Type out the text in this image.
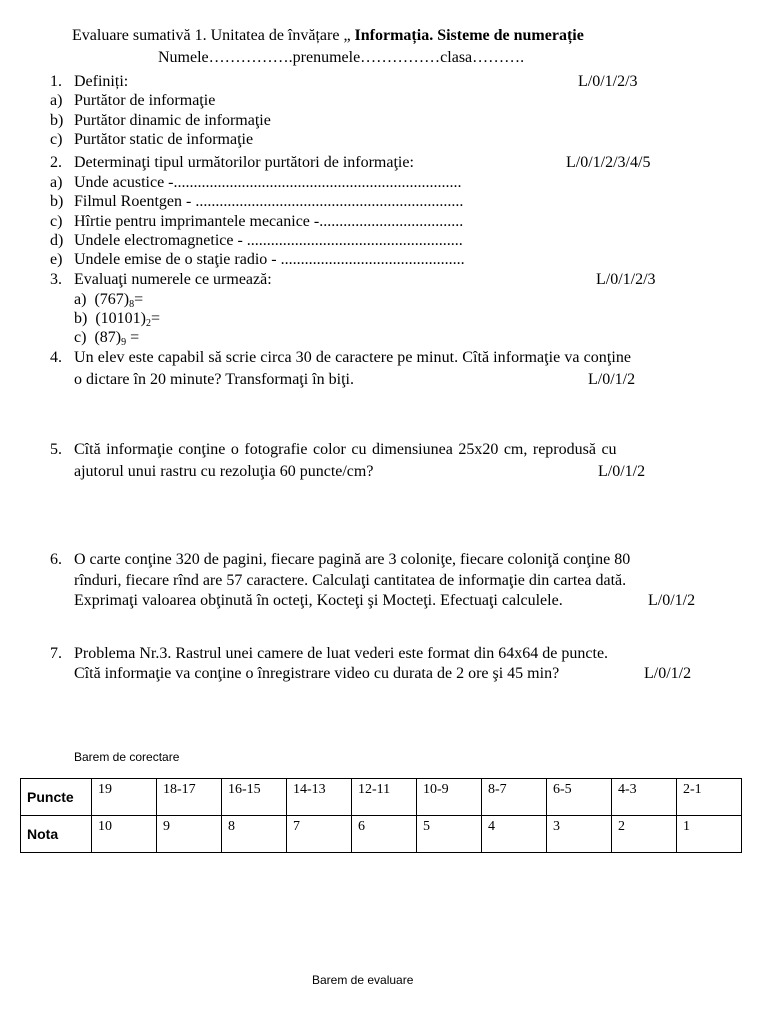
Evaluare sumativă 1. Unitatea de învățare „ Informația. Sisteme de numerație
Numele…………….prenumele……………clasa……….
1. Definiți:	L/0/1/2/3
a) Purtător de informaţie
b) Purtător dinamic de informaţie
c) Purtător static de informaţie
2. Determinaţi tipul următorilor purtători de informaţie:	L/0/1/2/3/4/5
a) Unde acustice -........................................................................
b) Filmul Roentgen - ...................................................................
c) Hîrtie pentru imprimantele mecanice -....................................
d) Undele electromagnetice - ......................................................
e) Undele emise de o staţie radio - ..............................................
3. Evaluaţi numerele ce urmează:	L/0/1/2/3
a) $(767)_8=$
b) $(10101)_2=$
c) $(87)_9$ =
4. Un elev este capabil să scrie circa 30 de caractere pe minut. Cîtă informaţie va conţine
o dictare în 20 minute? Transformaţi în biţi.	L/0/1/2
5. Cîtă informaţie conţine o fotografie color cu dimensiunea 25x20 cm, reprodusă cu
ajutorul unui rastru cu rezoluţia 60 puncte/cm?	L/0/1/2
6. O carte conţine 320 de pagini, fiecare pagină are 3 coloniţe, fiecare coloniţă conţine 80
rînduri, fiecare rînd are 57 caractere. Calculaţi cantitatea de informaţie din cartea dată.
Exprimaţi valoarea obţinută în octeţi, Kocteţi şi Mocteţi. Efectuaţi calculele.	L/0/1/2
7. Problema Nr.3. Rastrul unei camere de luat vederi este format din 64x64 de puncte.
Cîtă informaţie va conţine o înregistrare video cu durata de 2 ore şi 45 min?	L/0/1/2
Barem de corectare
Puncte	19	18-17	16-15	14-13	12-11	10-9	8-7	6-5	4-3	2-1
Nota	10	9	8	7	6	5	4	3	2	1
Barem de evaluare
